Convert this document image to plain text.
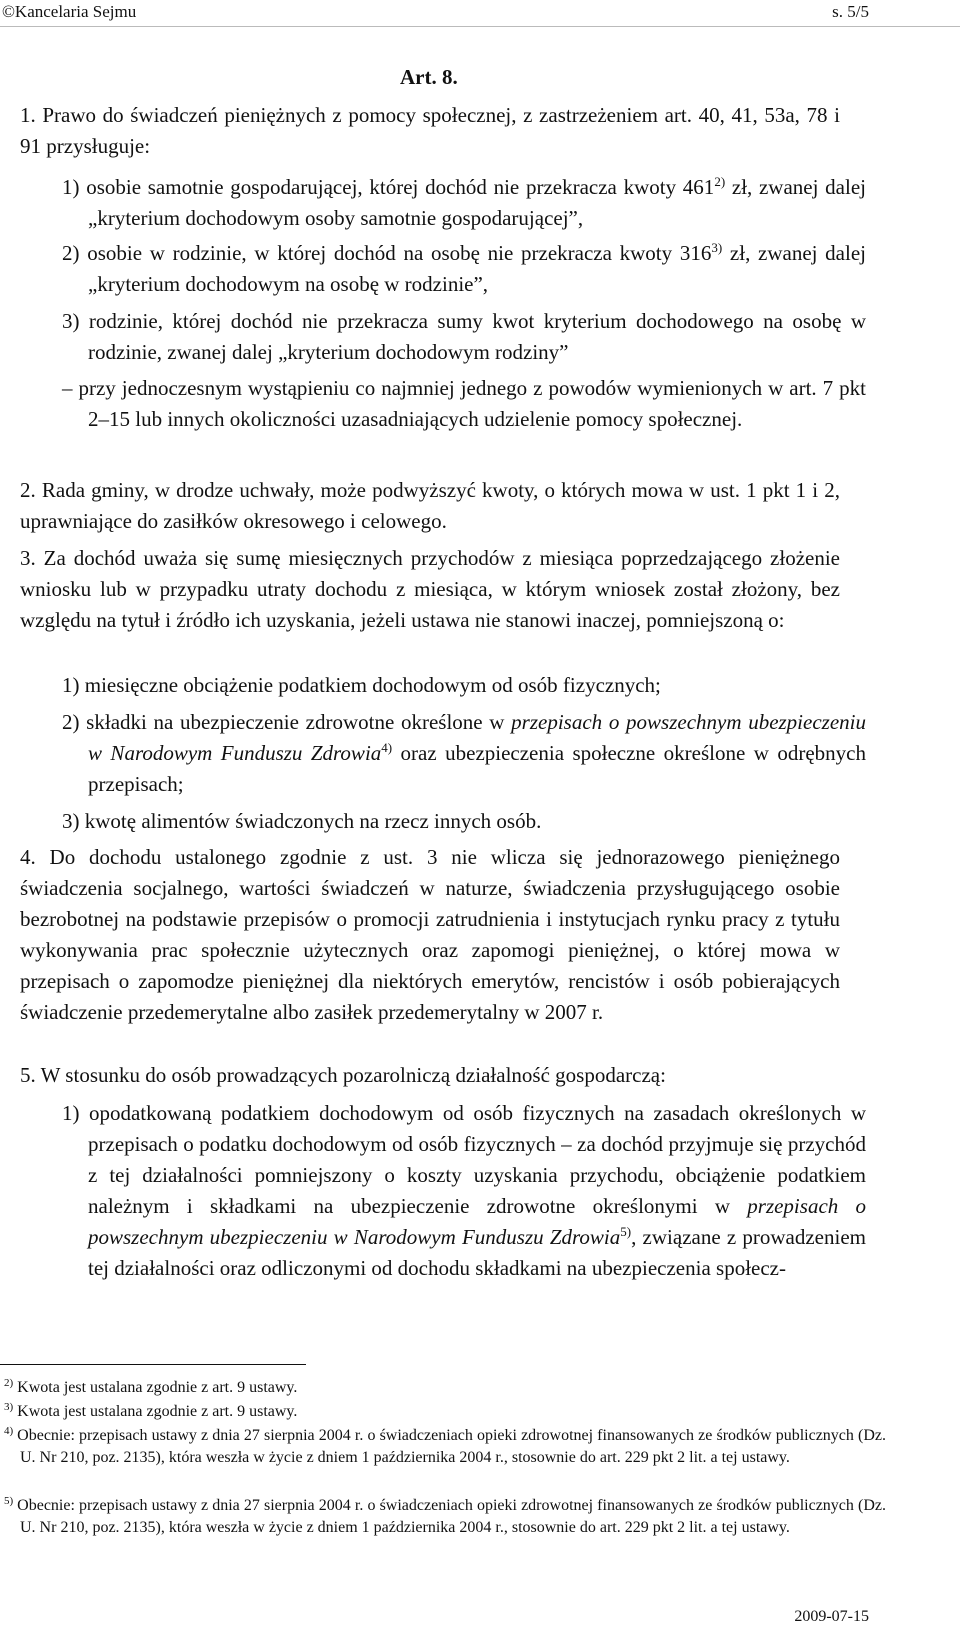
©Kancelaria Sejmu	s. 5/5
Art. 8.

1. Prawo do świadczeń pieniężnych z pomocy społecznej, z zastrzeżeniem art. 40, 41, 53a, 78 i 91 przysługuje:

1) osobie samotnie gospodarującej, której dochód nie przekracza kwoty 461$^{2)}$ zł, zwanej dalej „kryterium dochodowym osoby samotnie gospodarującej”,

2) osobie w rodzinie, w której dochód na osobę nie przekracza kwoty 316$^{3)}$ zł, zwanej dalej „kryterium dochodowym na osobę w rodzinie”,

3) rodzinie, której dochód nie przekracza sumy kwot kryterium dochodowego na osobę w rodzinie, zwanej dalej „kryterium dochodowym rodziny”

– przy jednoczesnym wystąpieniu co najmniej jednego z powodów wymienionych w art. 7 pkt 2–15 lub innych okoliczności uzasadniających udzielenie pomocy społecznej.

2. Rada gminy, w drodze uchwały, może podwyższyć kwoty, o których mowa w ust. 1 pkt 1 i 2, uprawniające do zasiłków okresowego i celowego.

3. Za dochód uważa się sumę miesięcznych przychodów z miesiąca poprzedzającego złożenie wniosku lub w przypadku utraty dochodu z miesiąca, w którym wniosek został złożony, bez względu na tytuł i źródło ich uzyskania, jeżeli ustawa nie stanowi inaczej, pomniejszoną o:

1) miesięczne obciążenie podatkiem dochodowym od osób fizycznych;

2) składki na ubezpieczenie zdrowotne określone w przepisach o powszechnym ubezpieczeniu w Narodowym Funduszu Zdrowia$^{4)}$ oraz ubezpieczenia społeczne określone w odrębnych przepisach;

3) kwotę alimentów świadczonych na rzecz innych osób.

4. Do dochodu ustalonego zgodnie z ust. 3 nie wlicza się jednorazowego pieniężnego świadczenia socjalnego, wartości świadczeń w naturze, świadczenia przysługującego osobie bezrobotnej na podstawie przepisów o promocji zatrudnienia i instytucjach rynku pracy z tytułu wykonywania prac społecznie użytecznych oraz zapomogi pieniężnej, o której mowa w przepisach o zapomodze pieniężnej dla niektórych emerytów, rencistów i osób pobierających świadczenie przedemerytalne albo zasiłek przedemerytalny w 2007 r.

5. W stosunku do osób prowadzących pozarolniczą działalność gospodarczą:

1) opodatkowaną podatkiem dochodowym od osób fizycznych na zasadach określonych w przepisach o podatku dochodowym od osób fizycznych – za dochód przyjmuje się przychód z tej działalności pomniejszony o koszty uzyskania przychodu, obciążenie podatkiem należnym i składkami na ubezpieczenie zdrowotne określonymi w przepisach o powszechnym ubezpieczeniu w Narodowym Funduszu Zdrowia$^{5)}$, związane z prowadzeniem tej działalności oraz odliczonymi od dochodu składkami na ubezpieczenia społecz-

$^{2)}$ Kwota jest ustalana zgodnie z art. 9 ustawy.

$^{3)}$ Kwota jest ustalana zgodnie z art. 9 ustawy.

$^{4)}$ Obecnie: przepisach ustawy z dnia 27 sierpnia 2004 r. o świadczeniach opieki zdrowotnej finansowanych ze środków publicznych (Dz. U. Nr 210, poz. 2135), która weszła w życie z dniem 1 października 2004 r., stosownie do art. 229 pkt 2 lit. a tej ustawy.

$^{5)}$ Obecnie: przepisach ustawy z dnia 27 sierpnia 2004 r. o świadczeniach opieki zdrowotnej finansowanych ze środków publicznych (Dz. U. Nr 210, poz. 2135), która weszła w życie z dniem 1 października 2004 r., stosownie do art. 229 pkt 2 lit. a tej ustawy.

2009-07-15
